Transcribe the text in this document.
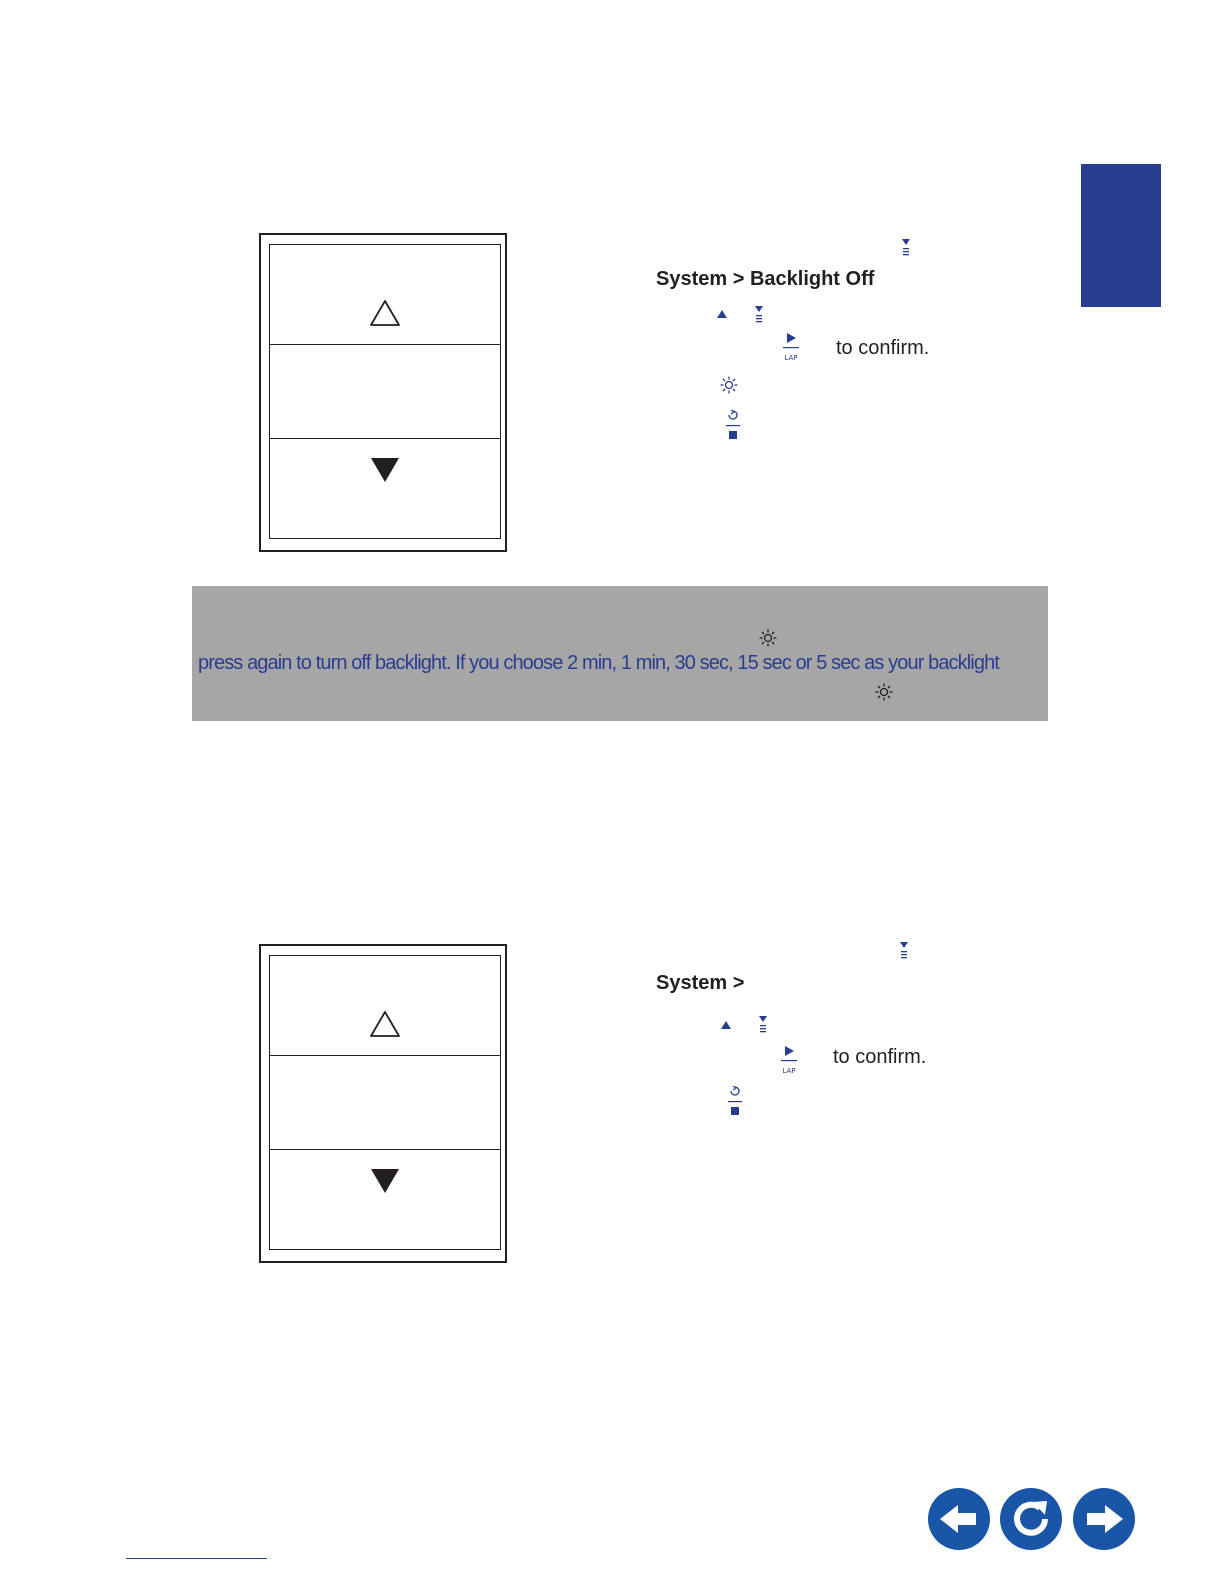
System > Backlight Off
LAP to confirm.
press again to turn off backlight. If you choose 2 min, 1 min, 30 sec, 15 sec or 5 sec as your backlight
System >
LAP
to confirm.
